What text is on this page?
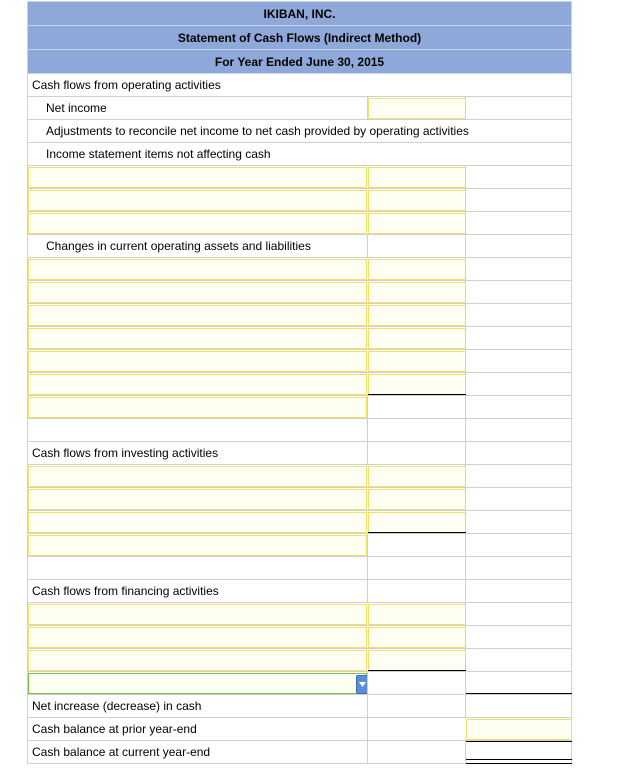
IKIBAN, INC.
Statement of Cash Flows (Indirect Method)
For Year Ended June 30, 2015
Cash flows from operating activities
Net income
Adjustments to reconcile net income to net cash provided by operating activities
Income statement items not affecting cash
Changes in current operating assets and liabilities
Cash flows from investing activities
Cash flows from financing activities
Net increase (decrease) in cash
Cash balance at prior year-end
Cash balance at current year-end
